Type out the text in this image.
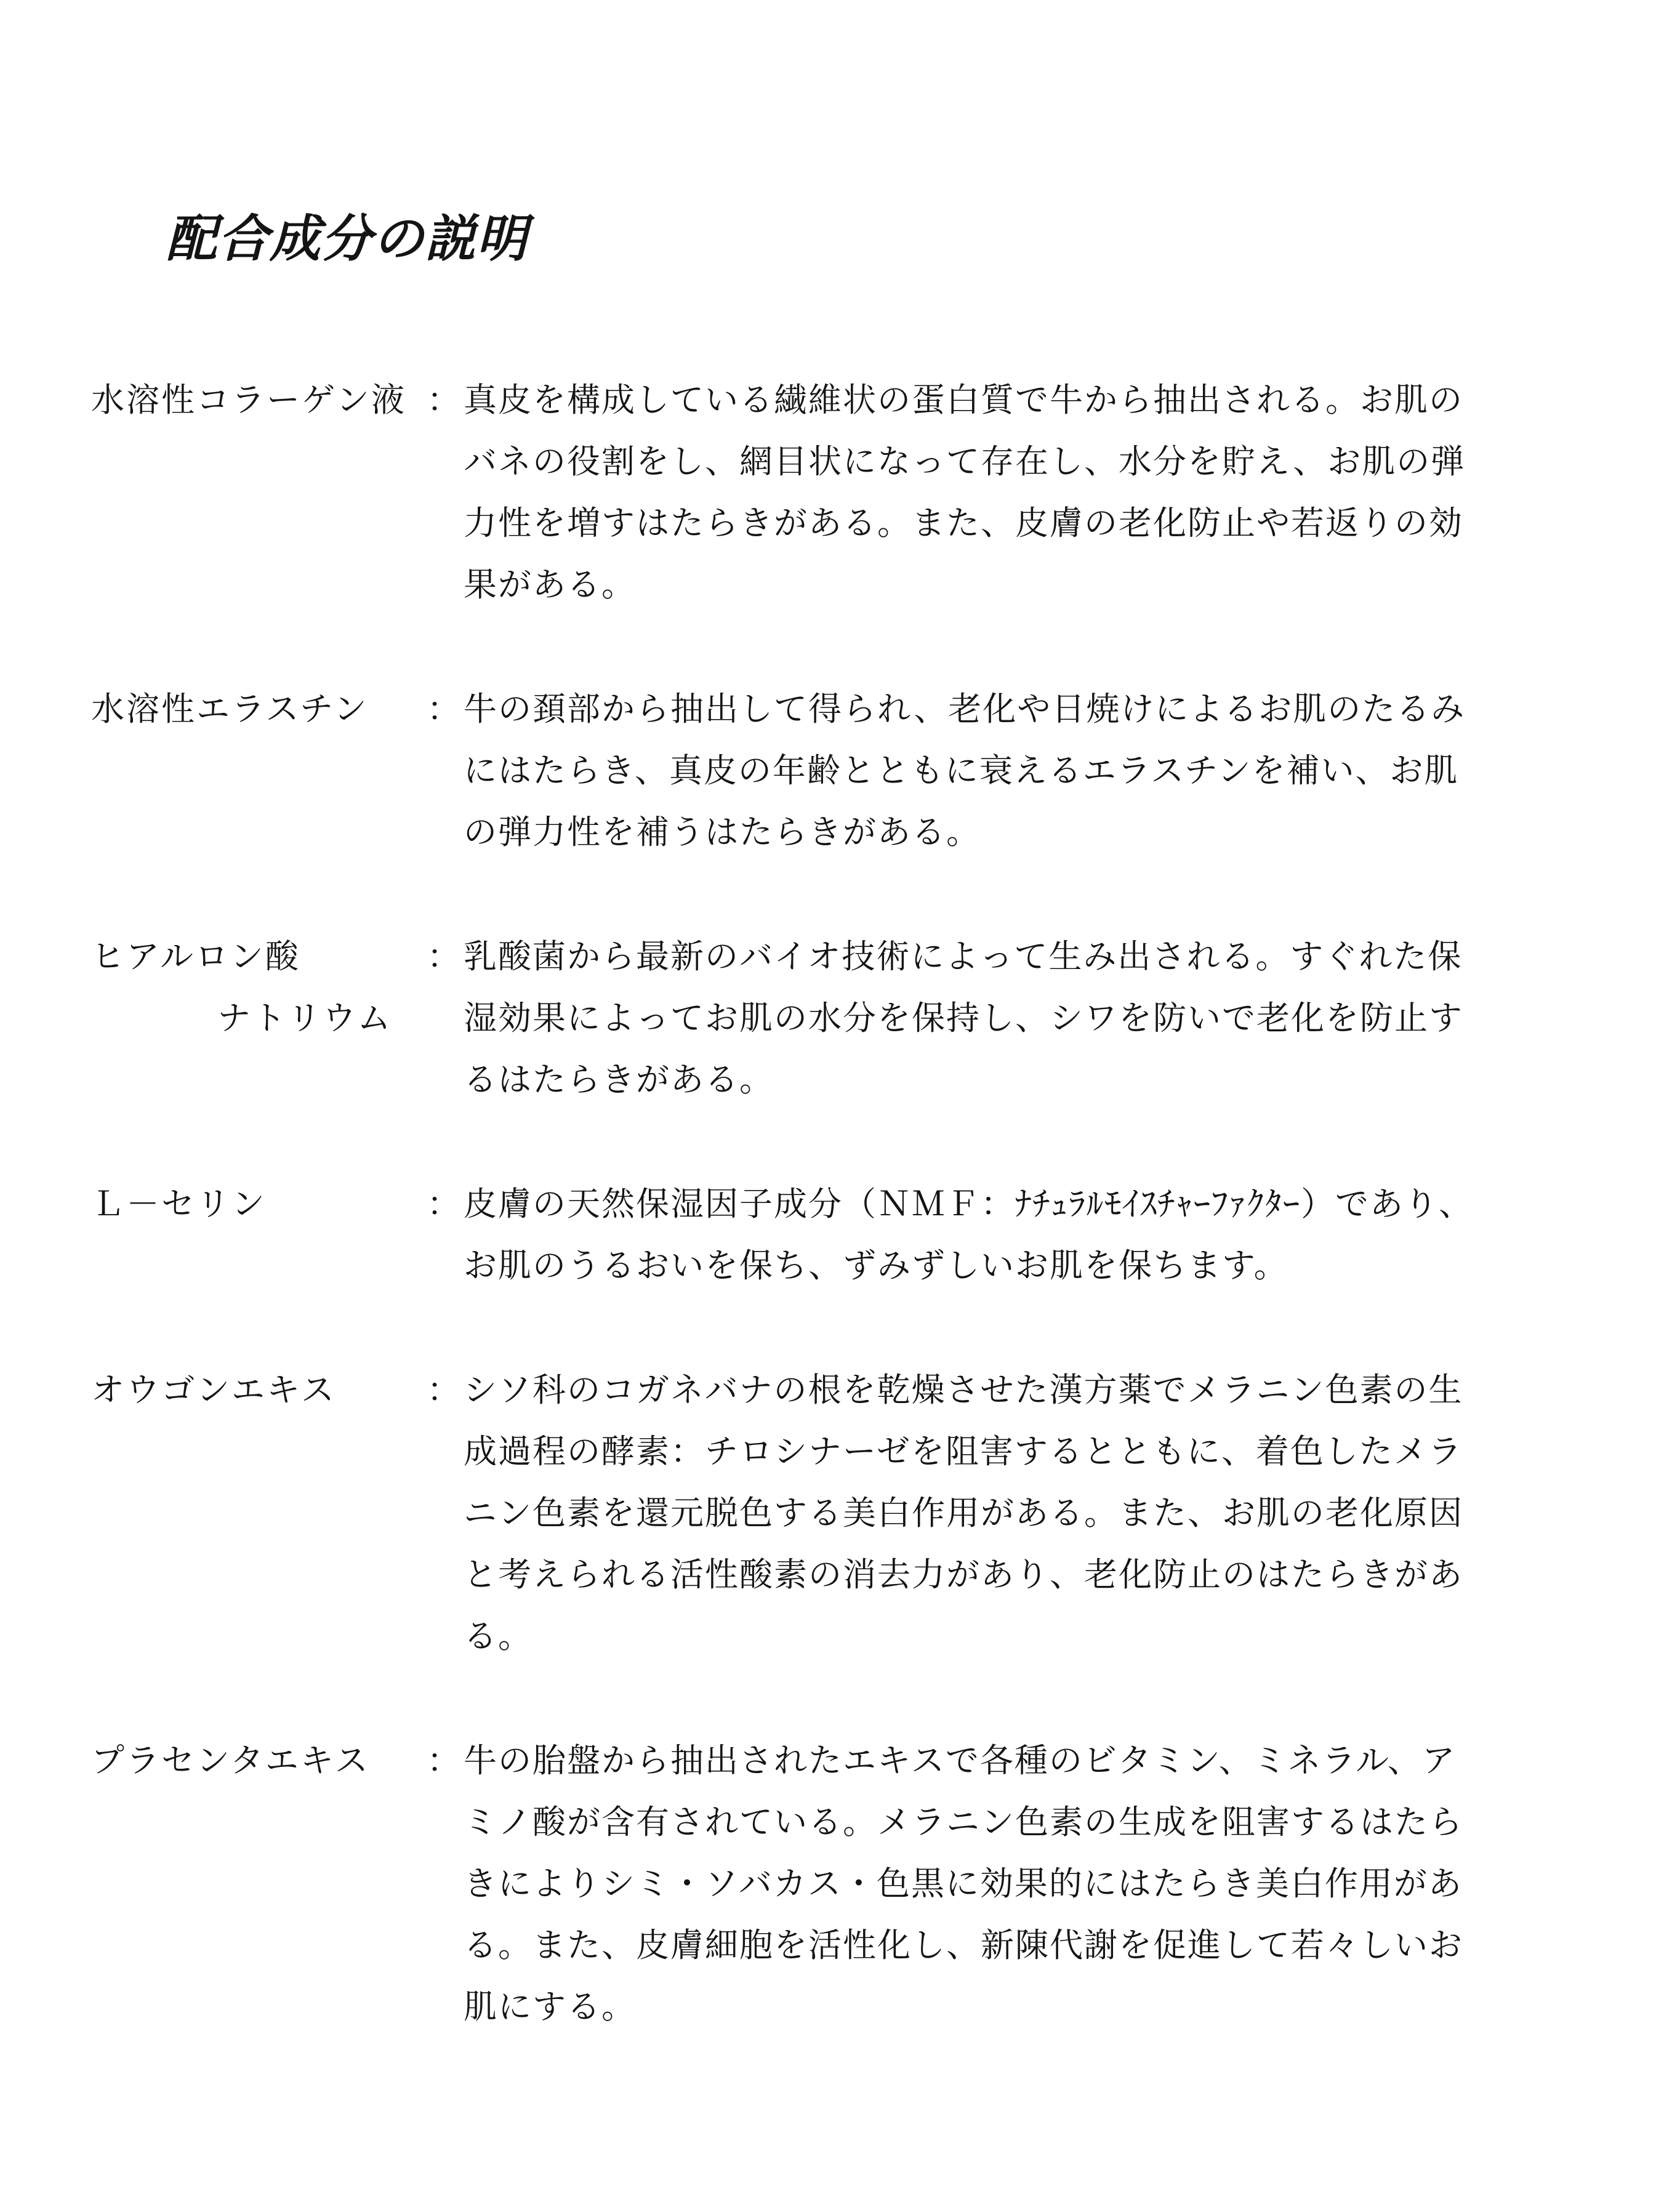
配合成分の説明
水溶性コラーゲン液 ： 真皮を構成している繊維状の蛋白質で牛から抽出される。お肌の
バネの役割をし、網目状になって存在し、水分を貯え、お肌の弾
力性を増すはたらきがある。また、皮膚の老化防止や若返りの効
果がある。
水溶性エラスチン	： 牛の頚部から抽出して得られ、老化や日焼けによるお肌のたるみ
にはたらき、真皮の年齢とともに衰えるエラスチンを補い、お肌
の弾力性を補うはたらきがある。
ヒアルロン酸
ナトリウム
： 乳酸菌から最新のバイオ技術によって生み出される。すぐれた保
湿効果によってお肌の水分を保持し、シワを防いで老化を防止す
るはたらきがある。
Ｌ－セリン	： 皮膚の天然保湿因子成分（ＮＭＦ：ﾅﾁｭﾗﾙﾓｲｽﾁｬｰﾌｧｸﾀｰ）であり、
お肌のうるおいを保ち、ずみずしいお肌を保ちます。
オウゴンエキス	： シソ科のコガネバナの根を乾燥させた漢方薬でメラニン色素の生
成過程の酵素：チロシナーゼを阻害するとともに、着色したメラ
ニン色素を還元脱色する美白作用がある。また、お肌の老化原因
と考えられる活性酸素の消去力があり、老化防止のはたらきがあ
る。
プラセンタエキス	： 牛の胎盤から抽出されたエキスで各種のビタミン、ミネラル、ア
ミノ酸が含有されている。メラニン色素の生成を阻害するはたら
きによりシミ・ソバカス・色黒に効果的にはたらき美白作用があ
る。また、皮膚細胞を活性化し、新陳代謝を促進して若々しいお
肌にする。
